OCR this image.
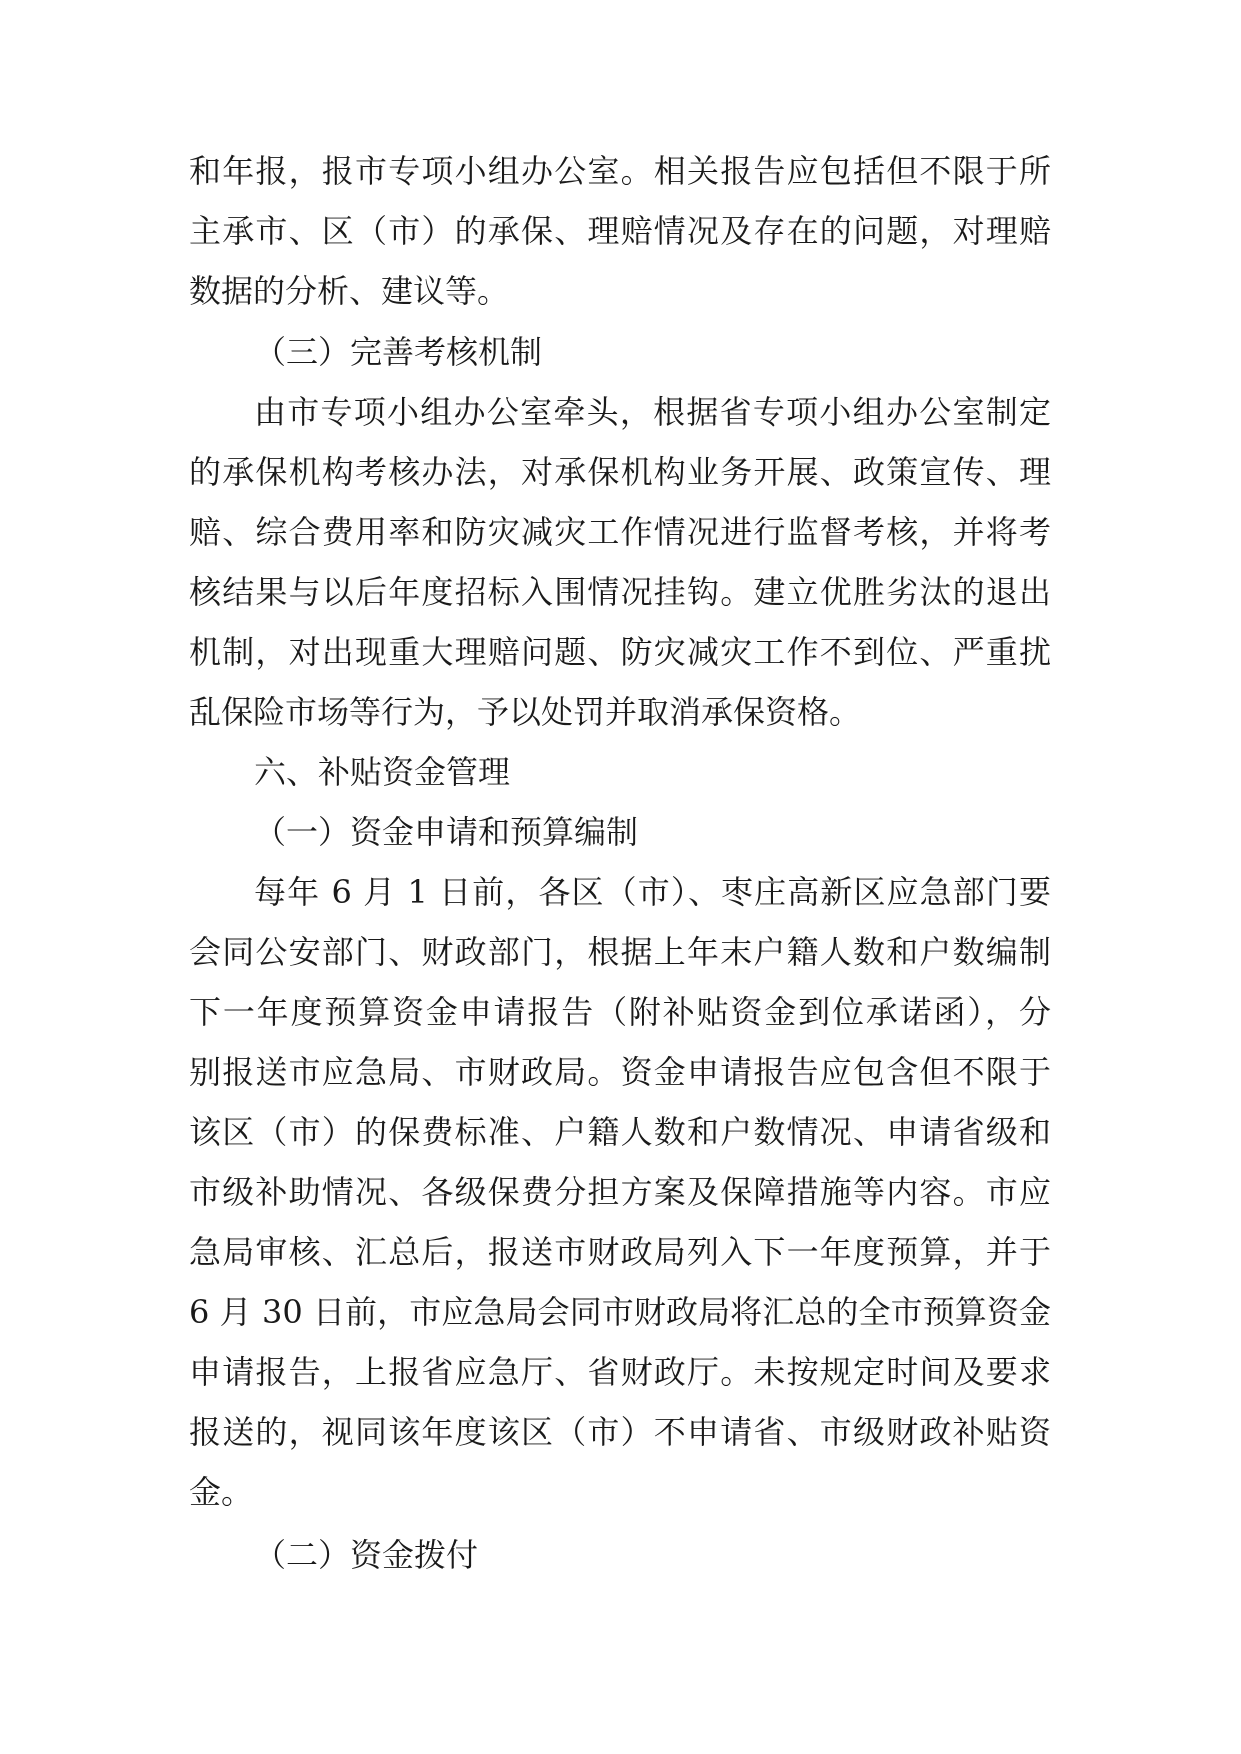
和年报，报市专项小组办公室。相关报告应包括但不限于所
主承市、区（市）的承保、理赔情况及存在的问题，对理赔
数据的分析、建议等。
（三）完善考核机制
由市专项小组办公室牵头，根据省专项小组办公室制定
的承保机构考核办法，对承保机构业务开展、政策宣传、理
赔、综合费用率和防灾减灾工作情况进行监督考核，并将考
核结果与以后年度招标入围情况挂钩。建立优胜劣汰的退出
机制，对出现重大理赔问题、防灾减灾工作不到位、严重扰
乱保险市场等行为，予以处罚并取消承保资格。
六、补贴资金管理
（一）资金申请和预算编制
每年 6 月 1 日前，各区（市）、枣庄高新区应急部门要
会同公安部门、财政部门，根据上年末户籍人数和户数编制
下一年度预算资金申请报告（附补贴资金到位承诺函），分
别报送市应急局、市财政局。资金申请报告应包含但不限于
该区（市）的保费标准、户籍人数和户数情况、申请省级和
市级补助情况、各级保费分担方案及保障措施等内容。市应
急局审核、汇总后，报送市财政局列入下一年度预算，并于
6 月 30 日前，市应急局会同市财政局将汇总的全市预算资金
申请报告，上报省应急厅、省财政厅。未按规定时间及要求
报送的，视同该年度该区（市）不申请省、市级财政补贴资
金。
（二）资金拨付
